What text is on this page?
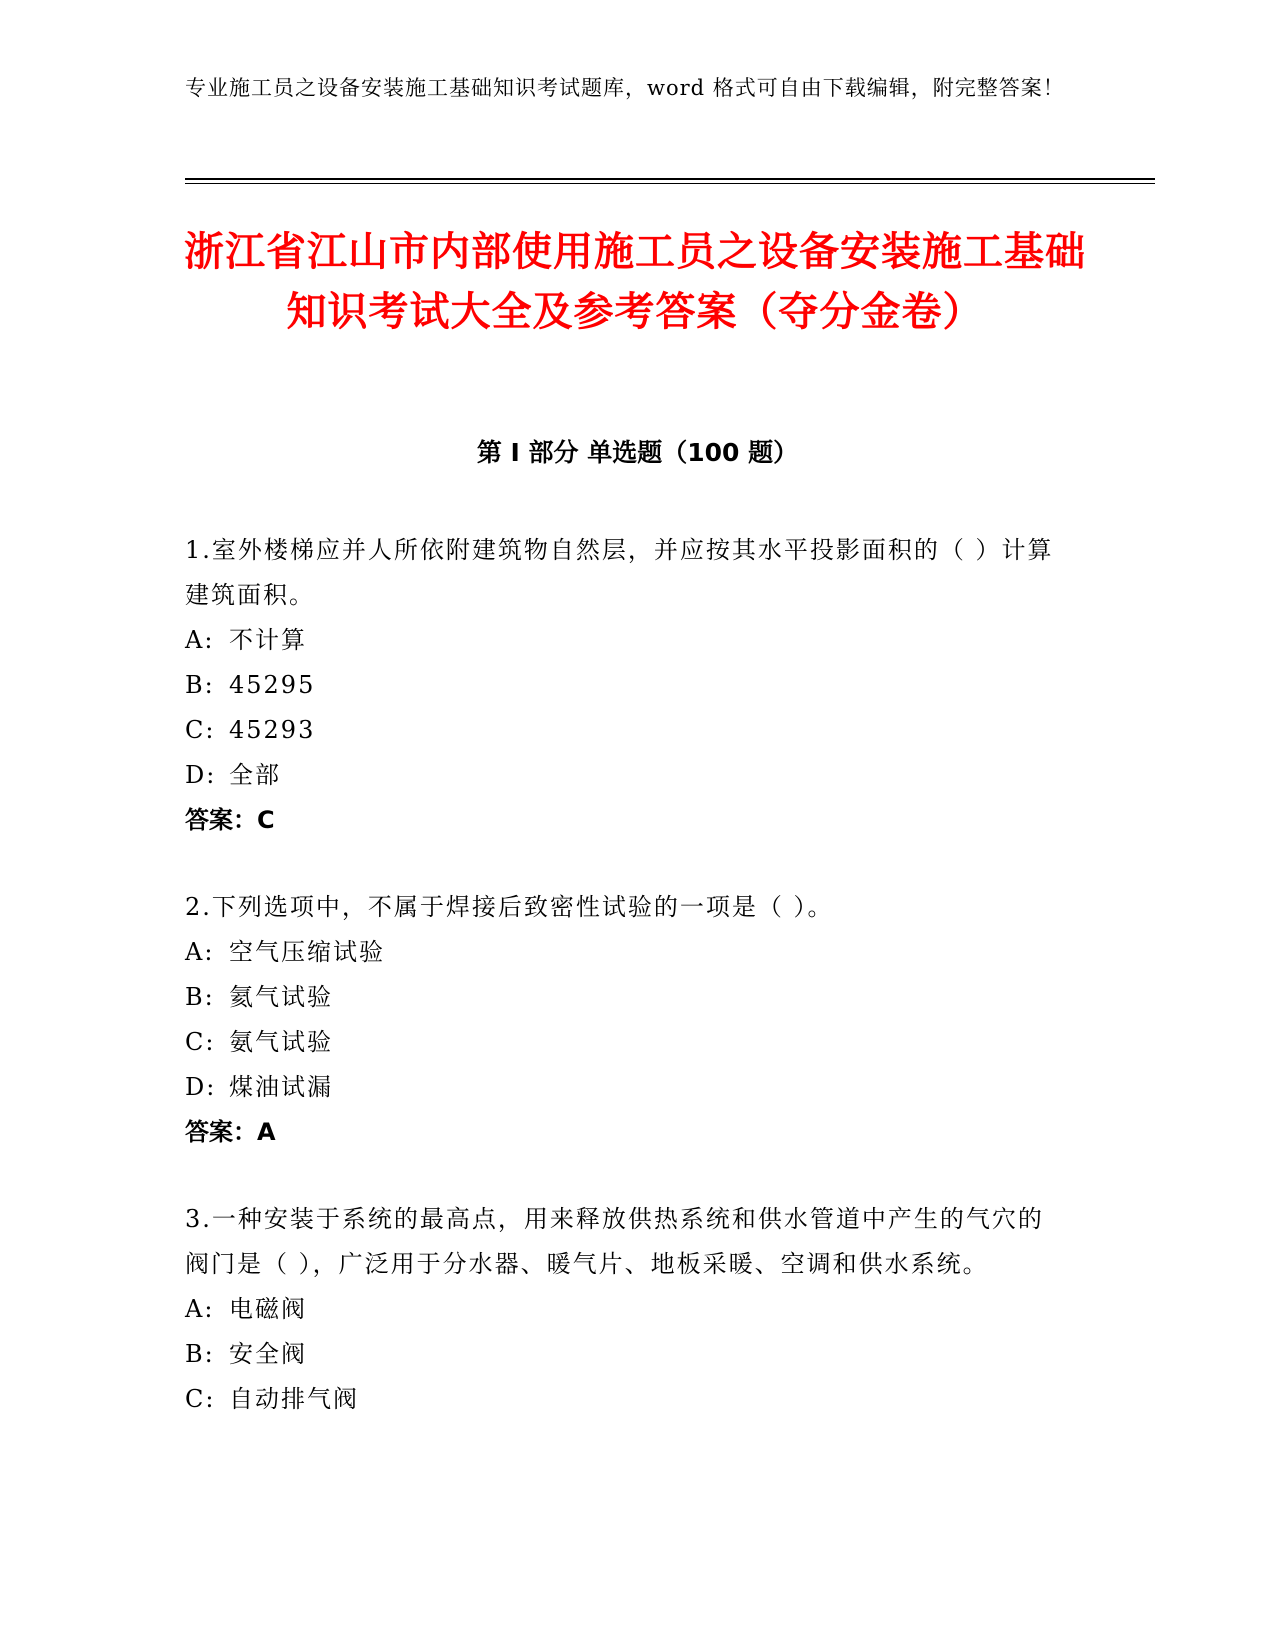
专业施工员之设备安装施工基础知识考试题库，word 格式可自由下载编辑，附完整答案！
浙江省江山市内部使用施工员之设备安装施工基础知识考试大全及参考答案（夺分金卷）
第 I 部分 单选题（100 题）
1.室外楼梯应并人所依附建筑物自然层，并应按其水平投影面积的（ ）计算建筑面积。
A: 不计算
B: 45295
C: 45293
D: 全部
答案：C
2.下列选项中，不属于焊接后致密性试验的一项是（ ）。
A: 空气压缩试验
B: 氦气试验
C: 氨气试验
D: 煤油试漏
答案：A
3.一种安装于系统的最高点，用来释放供热系统和供水管道中产生的气穴的阀门是（ ），广泛用于分水器、暖气片、地板采暖、空调和供水系统。
A: 电磁阀
B: 安全阀
C: 自动排气阀
